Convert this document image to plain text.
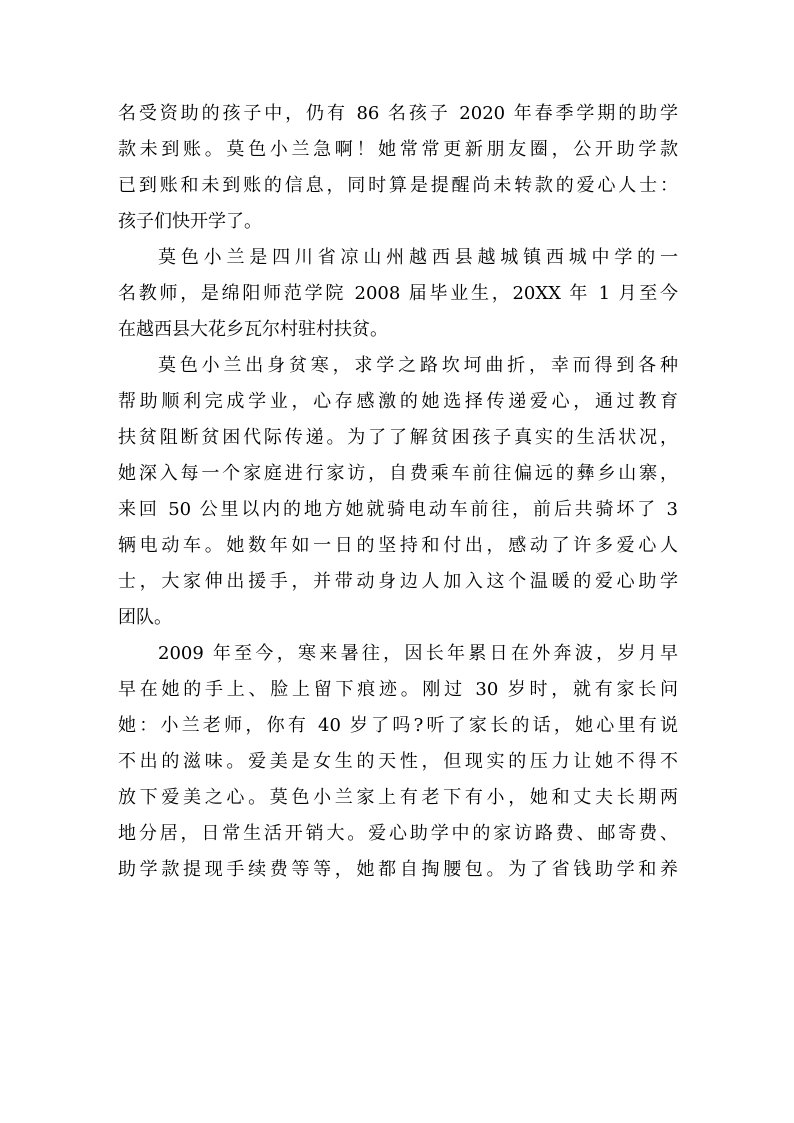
名受资助的孩子中，仍有 86 名孩子 2020 年春季学期的助学
款未到账。莫色小兰急啊！她常常更新朋友圈，公开助学款
已到账和未到账的信息，同时算是提醒尚未转款的爱心人士：
孩子们快开学了。
莫色小兰是四川省凉山州越西县越城镇西城中学的一
名教师，是绵阳师范学院 2008 届毕业生，20XX 年 1 月至今
在越西县大花乡瓦尔村驻村扶贫。
莫色小兰出身贫寒，求学之路坎坷曲折，幸而得到各种
帮助顺利完成学业，心存感激的她选择传递爱心，通过教育
扶贫阻断贫困代际传递。为了了解贫困孩子真实的生活状况，
她深入每一个家庭进行家访，自费乘车前往偏远的彝乡山寨，
来回 50 公里以内的地方她就骑电动车前往，前后共骑坏了 3
辆电动车。她数年如一日的坚持和付出，感动了许多爱心人
士，大家伸出援手，并带动身边人加入这个温暖的爱心助学
团队。
2009 年至今，寒来暑往，因长年累日在外奔波，岁月早
早在她的手上、脸上留下痕迹。刚过 30 岁时，就有家长问
她：小兰老师，你有 40 岁了吗?听了家长的话，她心里有说
不出的滋味。爱美是女生的天性，但现实的压力让她不得不
放下爱美之心。莫色小兰家上有老下有小，她和丈夫长期两
地分居，日常生活开销大。爱心助学中的家访路费、邮寄费、
助学款提现手续费等等，她都自掏腰包。为了省钱助学和养
